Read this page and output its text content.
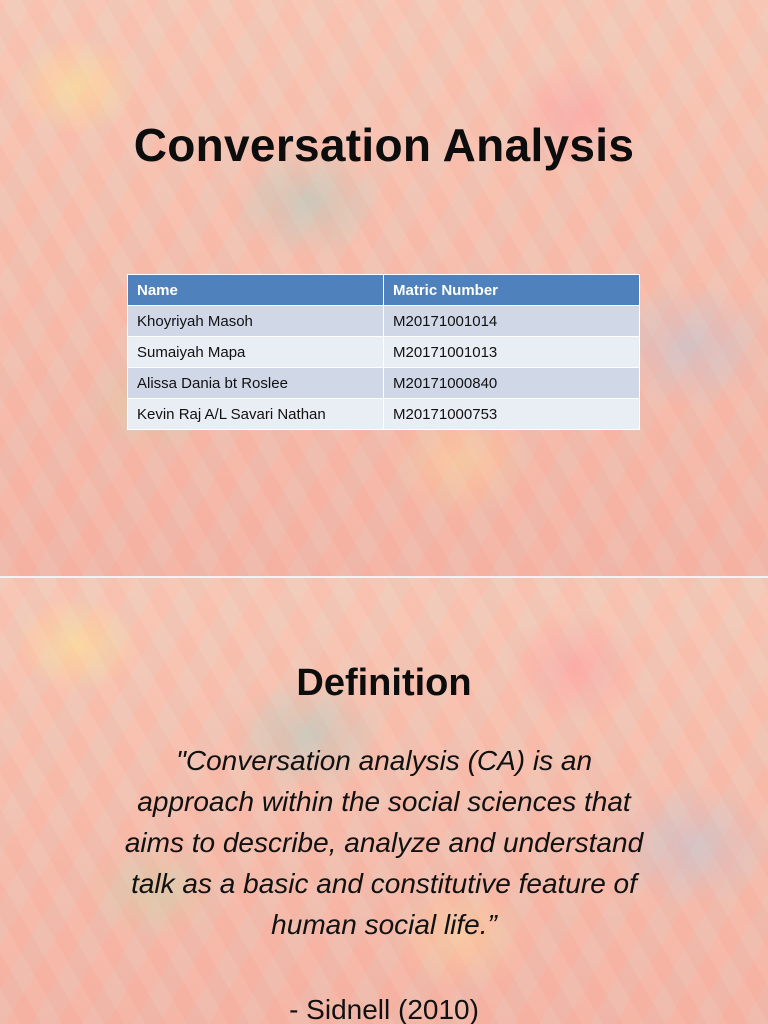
Conversation Analysis
Name	Matric Number
Khoyriyah Masoh	M20171001014
Sumaiyah Mapa	M20171001013
Alissa Dania bt Roslee	M20171000840
Kevin Raj A/L Savari Nathan	M20171000753
Definition

"Conversation analysis (CA) is an approach within the social sciences that aims to describe, analyze and understand talk as a basic and constitutive feature of human social life.”

- Sidnell (2010)
